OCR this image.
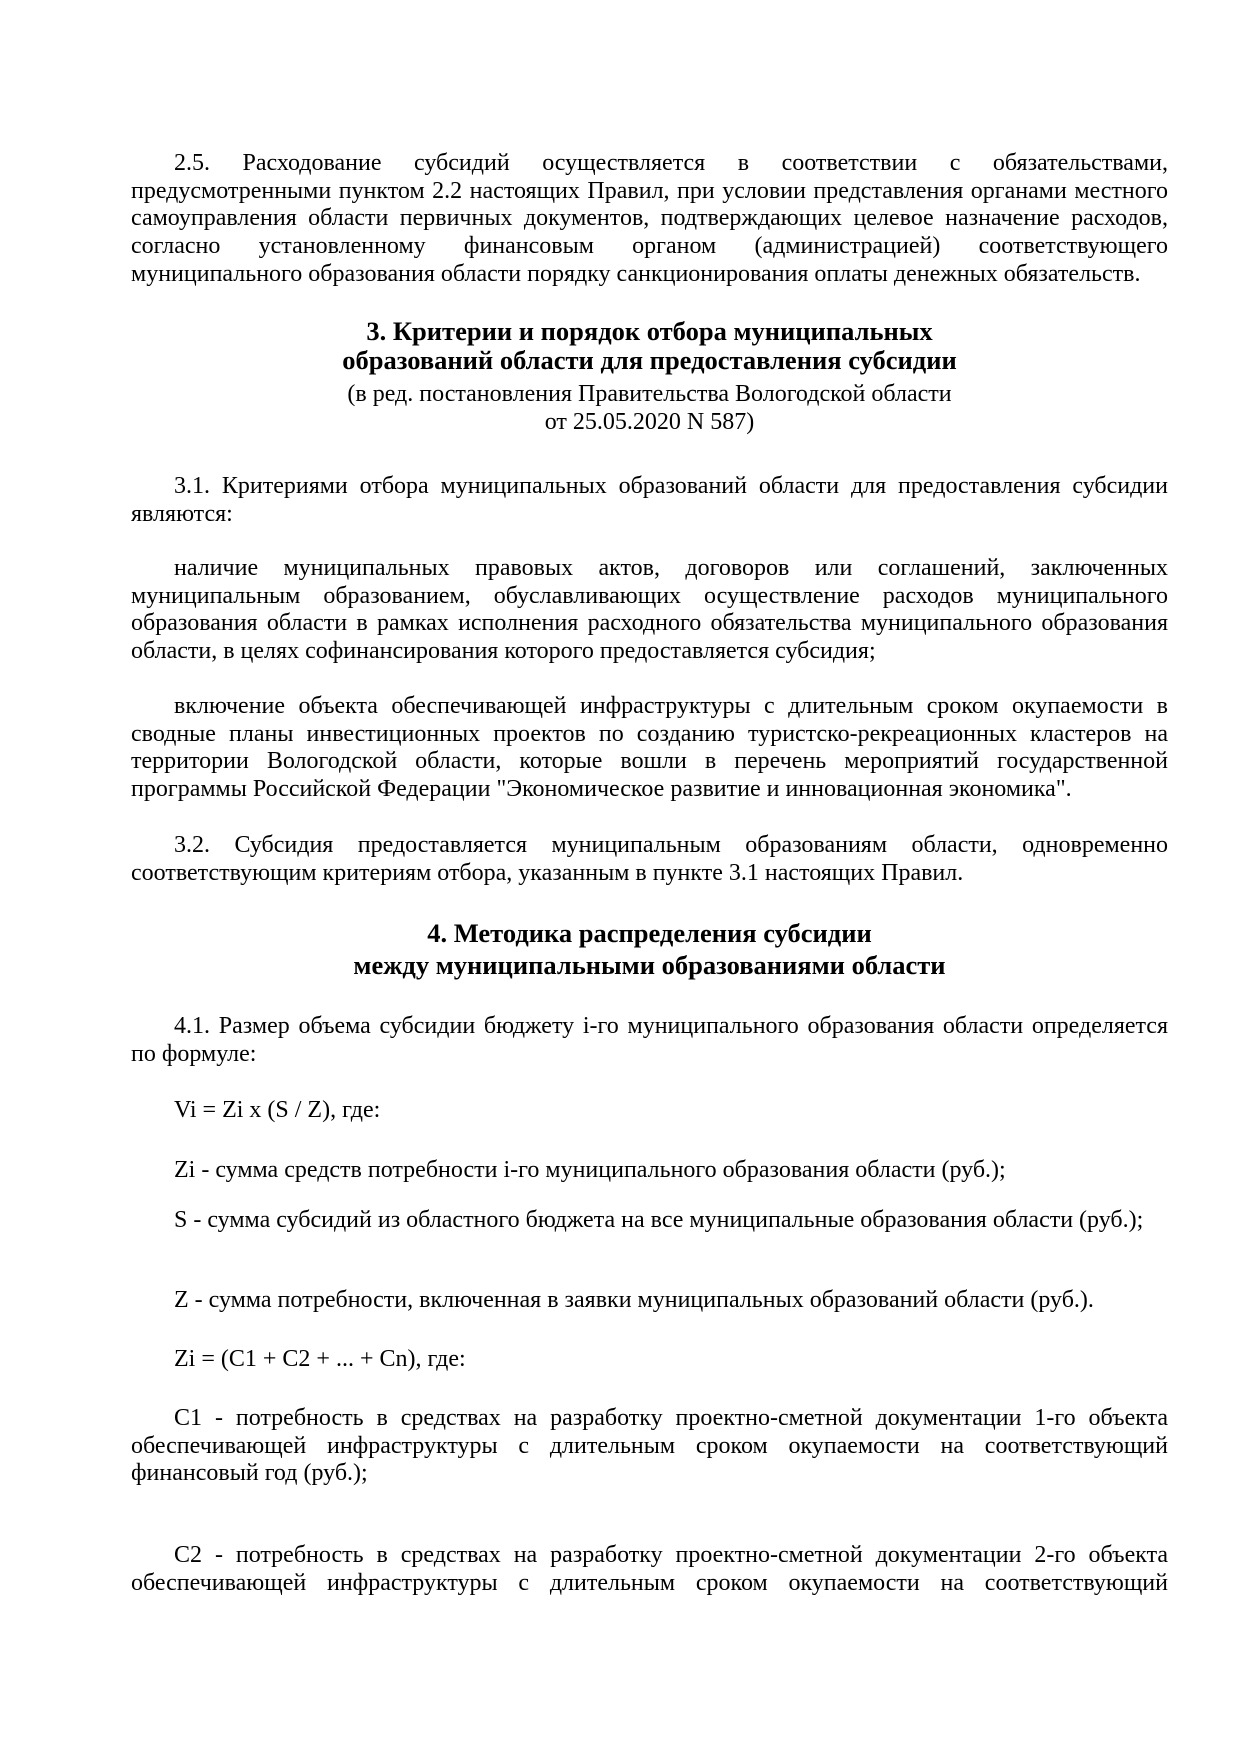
2.5. Расходование субсидий осуществляется в соответствии с обязательствами, предусмотренными пунктом 2.2 настоящих Правил, при условии представления органами местного самоуправления области первичных документов, подтверждающих целевое назначение расходов, согласно установленному финансовым органом (администрацией) соответствующего муниципального образования области порядку санкционирования оплаты денежных обязательств.

3. Критерии и порядок отбора муниципальных
образований области для предоставления субсидии
(в ред. постановления Правительства Вологодской области
от 25.05.2020 N 587)

3.1. Критериями отбора муниципальных образований области для предоставления субсидии являются:

наличие муниципальных правовых актов, договоров или соглашений, заключенных муниципальным образованием, обуславливающих осуществление расходов муниципального образования области в рамках исполнения расходного обязательства муниципального образования области, в целях софинансирования которого предоставляется субсидия;

включение объекта обеспечивающей инфраструктуры с длительным сроком окупаемости в сводные планы инвестиционных проектов по созданию туристско-рекреационных кластеров на территории Вологодской области, которые вошли в перечень мероприятий государственной программы Российской Федерации "Экономическое развитие и инновационная экономика".

3.2. Субсидия предоставляется муниципальным образованиям области, одновременно соответствующим критериям отбора, указанным в пункте 3.1 настоящих Правил.

4. Методика распределения субсидии
между муниципальными образованиями области

4.1. Размер объема субсидии бюджету i-го муниципального образования области определяется по формуле:

Vi = Zi x (S / Z), где:

Zi - сумма средств потребности i-го муниципального образования области (руб.);

S - сумма субсидий из областного бюджета на все муниципальные образования области (руб.);

Z - сумма потребности, включенная в заявки муниципальных образований области (руб.).

Zi = (C1 + C2 + ... + Cn), где:

C1 - потребность в средствах на разработку проектно-сметной документации 1-го объекта обеспечивающей инфраструктуры с длительным сроком окупаемости на соответствующий финансовый год (руб.);

C2 - потребность в средствах на разработку проектно-сметной документации 2-го объекта обеспечивающей инфраструктуры с длительным сроком окупаемости на соответствующий
